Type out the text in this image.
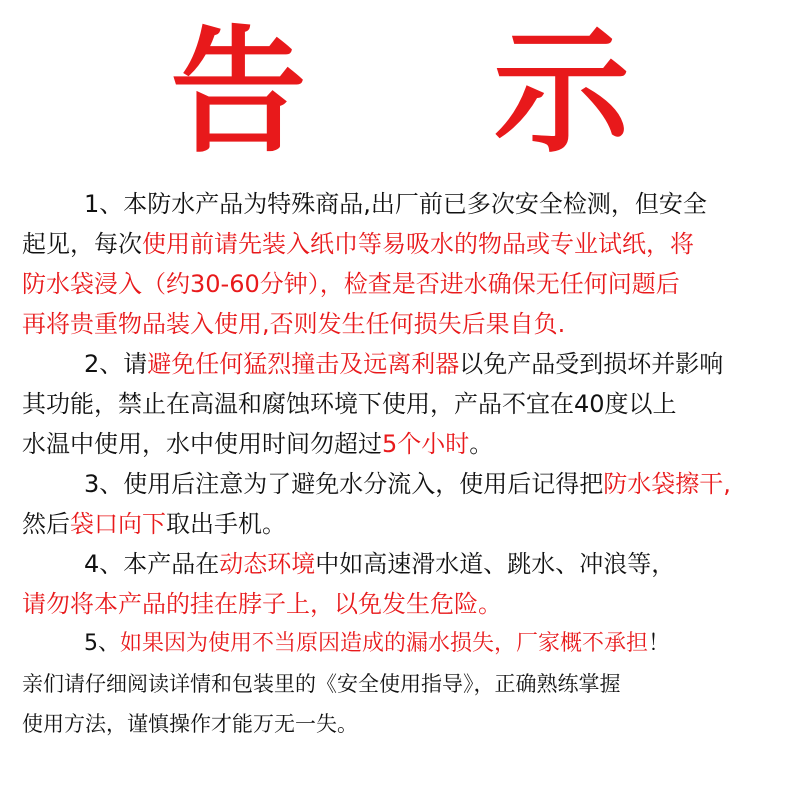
告 示
1、本防水产品为特殊商品,出厂前已多次安全检测，但安全
起见，每次使用前请先装入纸巾等易吸水的物品或专业试纸，将
防水袋浸入（约30-60分钟），检查是否进水确保无任何问题后
再将贵重物品装入使用,否则发生任何损失后果自负.
2、请避免任何猛烈撞击及远离利器以免产品受到损坏并影响
其功能，禁止在高温和腐蚀环境下使用，产品不宜在40度以上
水温中使用，水中使用时间勿超过5个小时。
3、使用后注意为了避免水分流入，使用后记得把防水袋擦干,
然后袋口向下取出手机。
4、本产品在动态环境中如高速滑水道、跳水、冲浪等，
请勿将本产品的挂在脖子上，以免发生危险。
5、如果因为使用不当原因造成的漏水损失，厂家概不承担！
亲们请仔细阅读详情和包装里的《安全使用指导》，正确熟练掌握
使用方法，谨慎操作才能万无一失。
